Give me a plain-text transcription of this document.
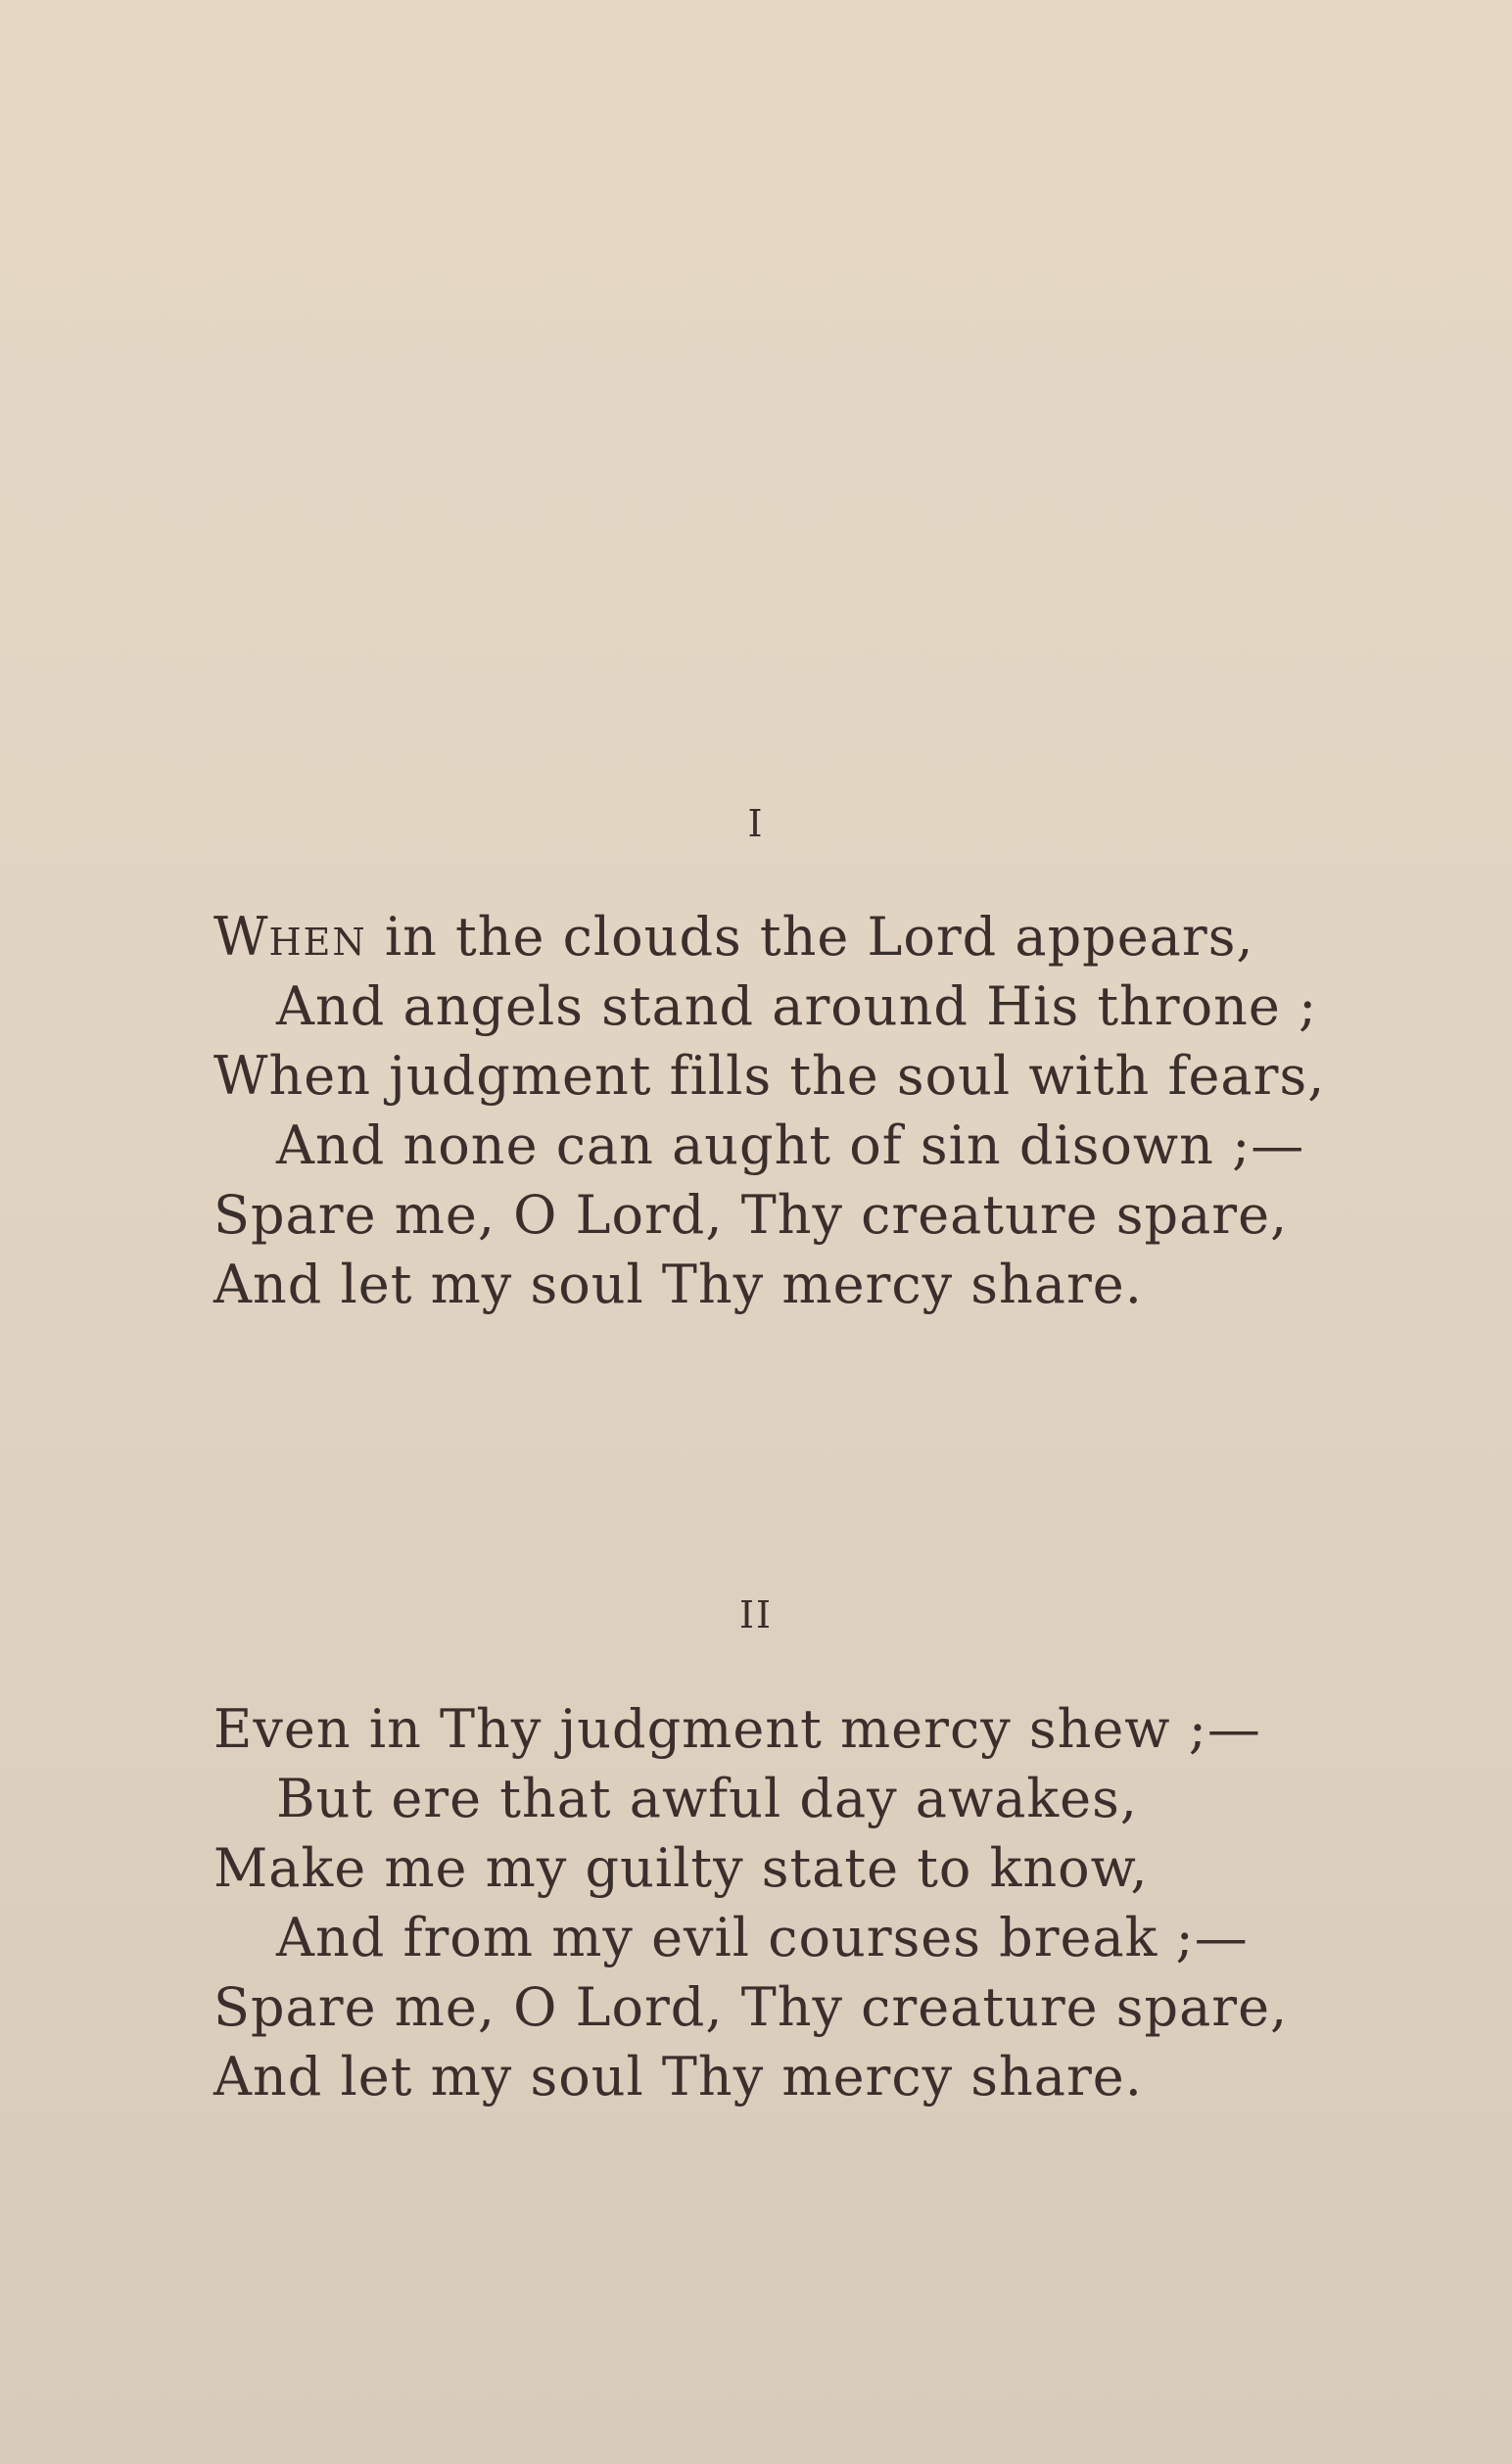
I
When in the clouds the Lord appears,
And angels stand around His throne ;
When judgment fills the soul with fears,
And none can aught of sin disown ;—
Spare me, O Lord, Thy creature spare,
And let my soul Thy mercy share.
II
Even in Thy judgment mercy shew ;—
But ere that awful day awakes,
Make me my guilty state to know,
And from my evil courses break ;—
Spare me, O Lord, Thy creature spare,
And let my soul Thy mercy share.
